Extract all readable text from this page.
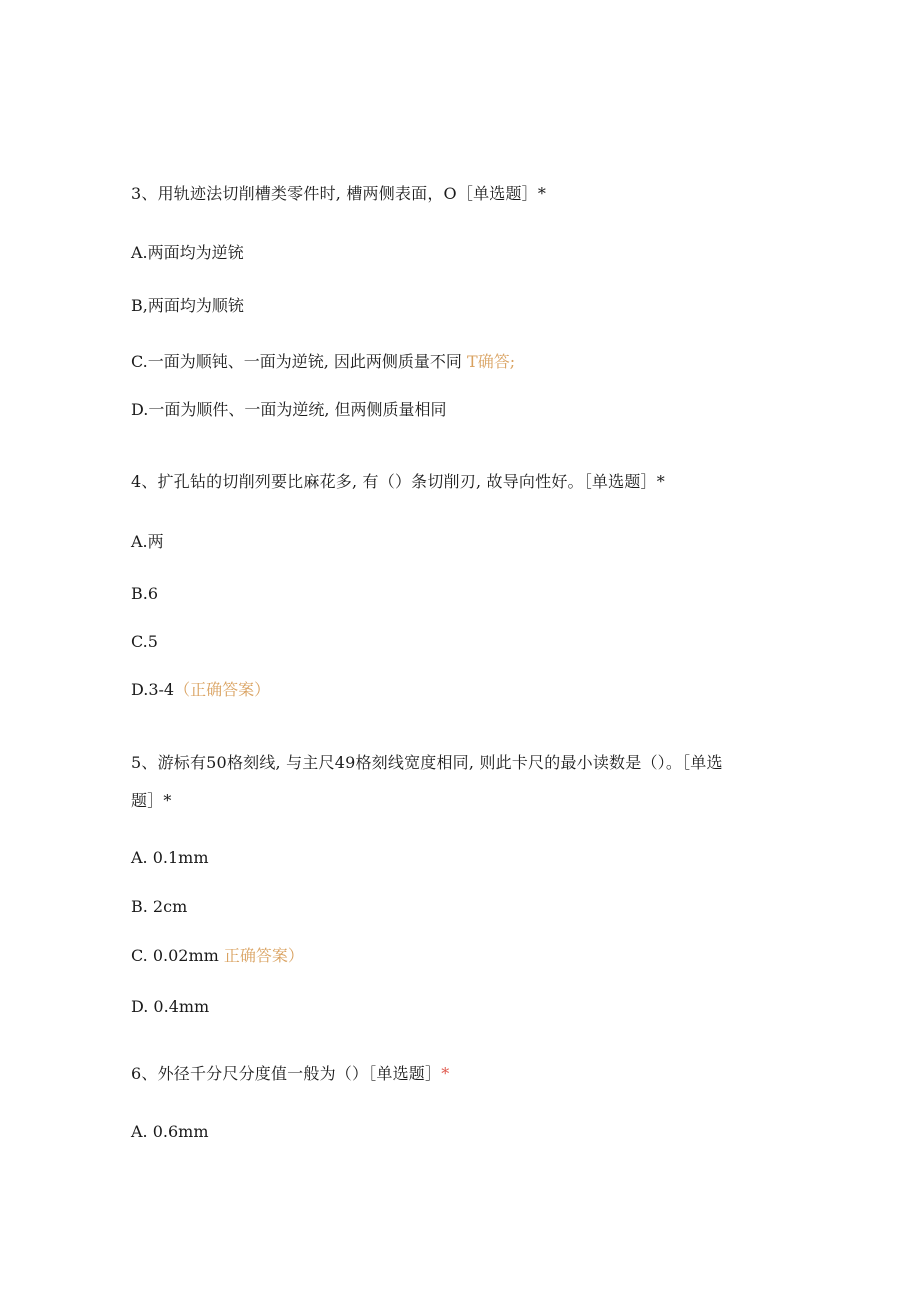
3、用轨迹法切削槽类零件时, 槽两侧表面，O［单选题］*
A.两面均为逆铳
B,两面均为顺铳
C.一面为顺钝、一面为逆铳, 因此两侧质量不同 T确答;
D.一面为顺件、一面为逆统, 但两侧质量相同
4、扩孔钻的切削列要比麻花多, 有（）条切削刃, 故导向性好。［单选题］*
A.两
B.6
C.5
D.3-4（正确答案）
5、游标有50格刻线, 与主尺49格刻线宽度相同, 则此卡尺的最小读数是（）。［单选
题］*
A. 0.1mm
B. 2cm
C. 0.02mm 正确答案）
D. 0.4mm
6、外径千分尺分度值一般为（）［单选题］*
A. 0.6mm
